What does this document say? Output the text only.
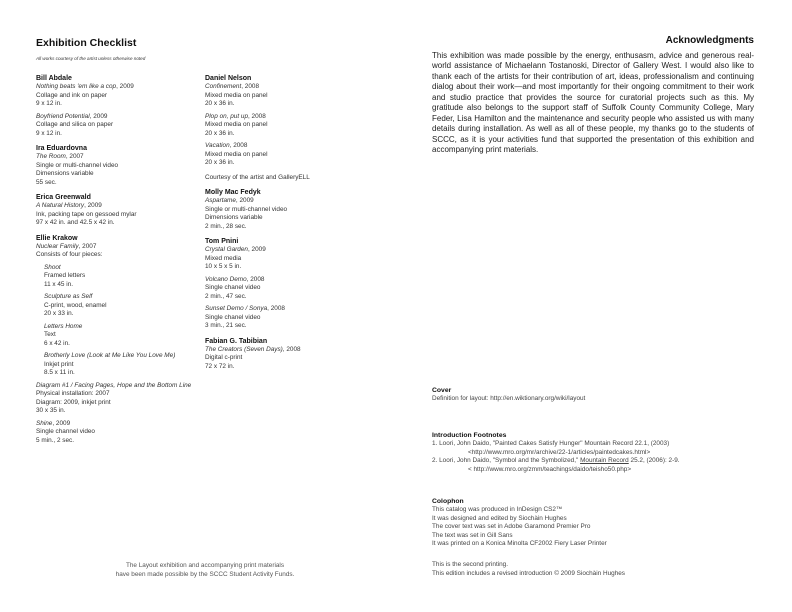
Exhibition Checklist
All works courtesy of the artist unless otherwise noted
Bill Abdale
Nothing beats 'em like a cop, 2009
Collage and ink on paper
9 x 12 in.
Boyfriend Potential, 2009
Collage and silica on paper
9 x 12 in.
Ira Eduardovna
The Room, 2007
Single or multi-channel video
Dimensions variable
55 sec.
Erica Greenwald
A Natural History, 2009
Ink, packing tape on gessoed mylar
97 x 42 in. and 42.5 x 42 in.
Ellie Krakow
Nuclear Family, 2007
Consists of four pieces:
Shoot
Framed letters
11 x 45 in.
Sculpture as Self
C-print, wood, enamel
20 x 33 in.
Letters Home
Text
6 x 42 in.
Brotherly Love (Look at Me Like You Love Me)
Inkjet print
8.5 x 11 in.
Diagram #1 / Facing Pages, Hope and the Bottom Line
Physical installation: 2007
Diagram: 2009, inkjet print
30 x 35 in.
Shine, 2009
Single channel video
5 min., 2 sec.
Daniel Nelson
Confinement, 2008
Mixed media on panel
20 x 36 in.
Plop on, put up, 2008
Mixed media on panel
20 x 36 in.
Vacation, 2008
Mixed media on panel
20 x 36 in.
Courtesy of the artist and GalleryELL
Molly Mac Fedyk
Aspartame, 2009
Single or multi-channel video
Dimensions variable
2 min., 28 sec.
Tom Pnini
Crystal Garden, 2009
Mixed media
10 x 5 x 5 in.
Volcano Demo, 2008
Single chanel video
2 min., 47 sec.
Sunset Demo / Sonya, 2008
Single chanel video
3 min., 21 sec.
Fabian G. Tabibian
The Creators (Seven Days), 2008
Digital c-print
72 x 72 in.
The Layout exhibition and accompanying print materials
have been made possible by the SCCC Student Activity Funds.
Acknowledgments
This exhibition was made possible by the energy, enthusasm, advice and generous real-world assistance of Michaelann Tostanoski, Director of Gallery West. I would also like to thank each of the artists for their contribution of art, ideas, professionalism and continuing dialog about their work—and most importantly for their ongoing commitment to their work and studio practice that provides the source for curatorial projects such as this. My gratitude also belongs to the support staff of Suffolk County Community College, Mary Feder, Lisa Hamilton and the maintenance and security people who assisted us with many details during installation. As well as all of these people, my thanks go to the students of SCCC, as it is your activities fund that supported the presentation of this exhibition and accompanying print materials.
Cover
Definition for layout: http://en.wiktionary.org/wiki/layout
Introduction Footnotes
1. Loori, John Daido, "Painted Cakes Satisfy Hunger" Mountain Record 22.1, (2003)
<http://www.mro.org/mr/archive/22-1/articles/paintedcakes.html>
2. Loori, John Daido, "Symbol and the Symbolized," Mountain Record 25.2, (2006): 2-9.
< http://www.mro.org/zmm/teachings/daido/teisho50.php>
Colophon
This catalog was produced in InDesign CS2™
It was designed and edited by Siochàin Hughes
The cover text was set in Adobe Garamond Premier Pro
The text was set in Gill Sans
It was printed on a Konica Minolta CF2002 Fiery Laser Printer
This is the second printing.
This edition includes a revised introduction © 2009 Siochàin Hughes
